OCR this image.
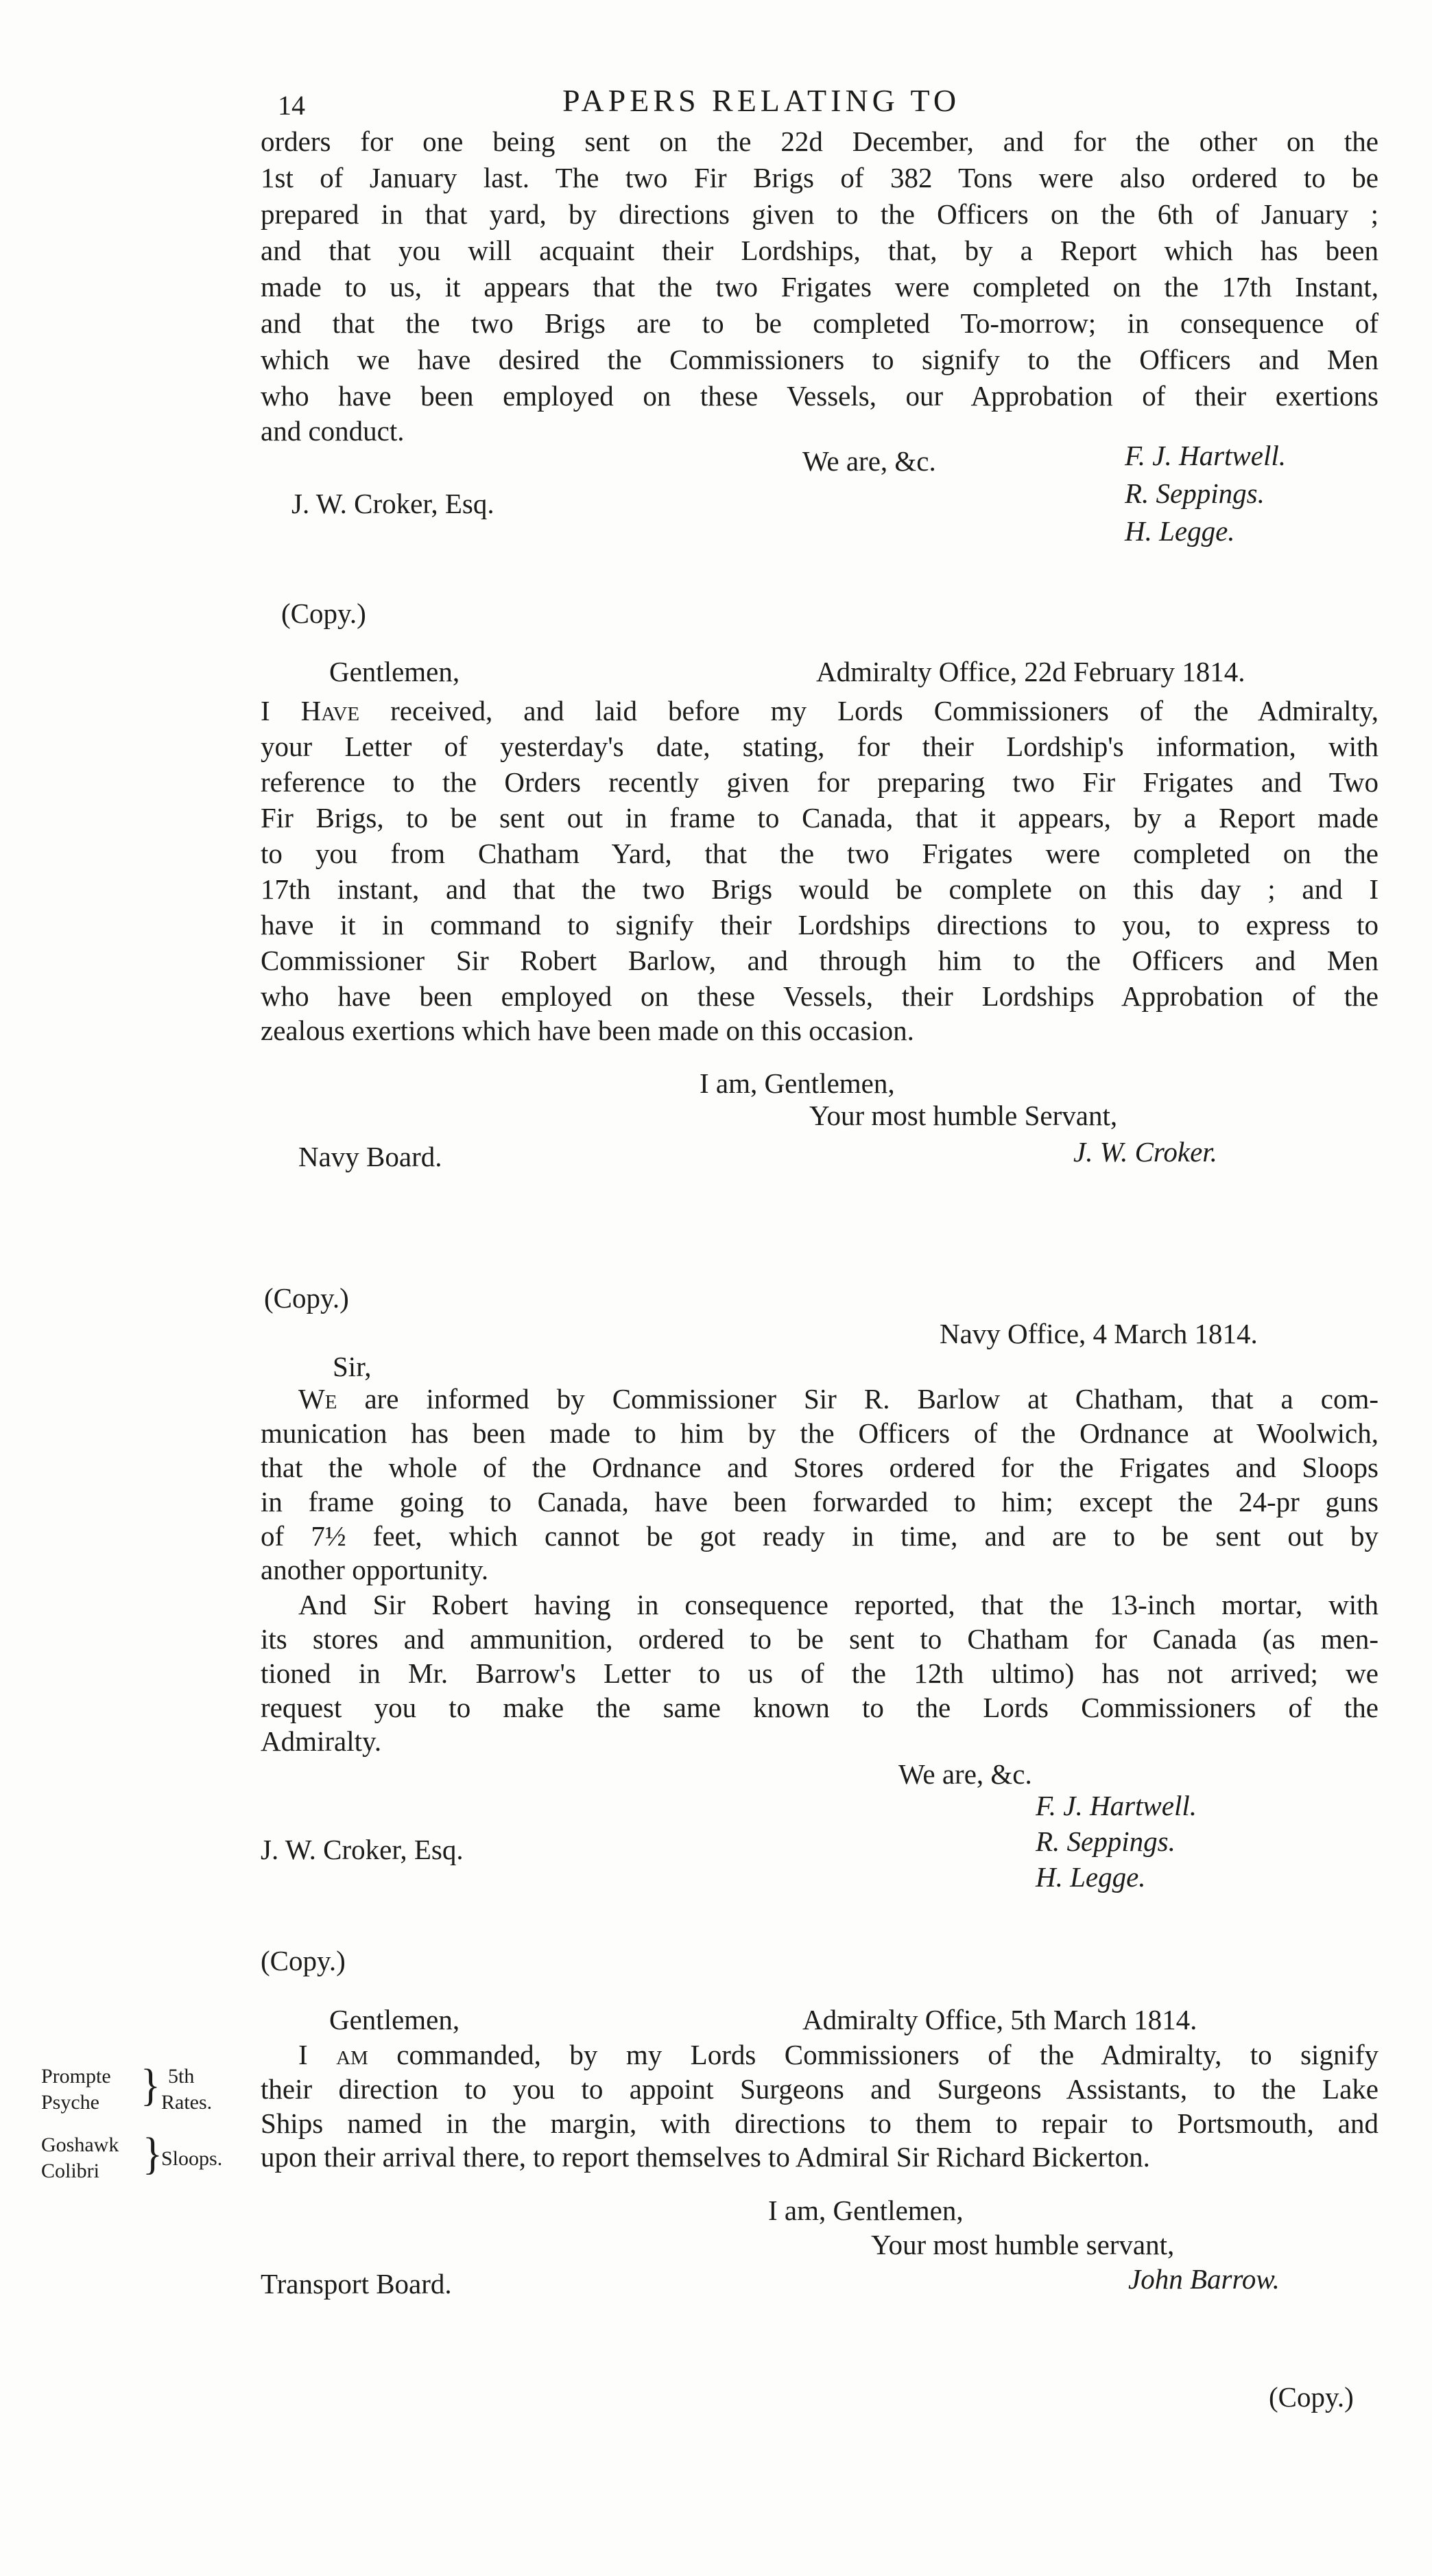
14	PAPERS RELATING TO
orders for one being sent on the 22d December, and for the other on the
1st of January last. The two Fir Brigs of 382 Tons were also ordered to be
prepared in that yard, by directions given to the Officers on the 6th of January ;
and that you will acquaint their Lordships, that, by a Report which has been
made to us, it appears that the two Frigates were completed on the 17th Instant,
and that the two Brigs are to be completed To-morrow; in consequence of
which we have desired the Commissioners to signify to the Officers and Men
who have been employed on these Vessels, our Approbation of their exertions
and conduct.
We are, &c.
J. W. Croker, Esq.
F. J. Hartwell.
R. Seppings.
H. Legge.
(Copy.)
Gentlemen,	Admiralty Office, 22d February 1814.
I Have received, and laid before my Lords Commissioners of the Admiralty,
your Letter of yesterday's date, stating, for their Lordship's information, with
reference to the Orders recently given for preparing two Fir Frigates and Two
Fir Brigs, to be sent out in frame to Canada, that it appears, by a Report made
to you from Chatham Yard, that the two Frigates were completed on the
17th instant, and that the two Brigs would be complete on this day ; and I
have it in command to signify their Lordships directions to you, to express to
Commissioner Sir Robert Barlow, and through him to the Officers and Men
who have been employed on these Vessels, their Lordships Approbation of the
zealous exertions which have been made on this occasion.
I am, Gentlemen,
Your most humble Servant,
Navy Board.	J. W. Croker.
(Copy.)
Navy Office, 4 March 1814.
Sir,
We are informed by Commissioner Sir R. Barlow at Chatham, that a com-
munication has been made to him by the Officers of the Ordnance at Woolwich,
that the whole of the Ordnance and Stores ordered for the Frigates and Sloops
in frame going to Canada, have been forwarded to him; except the 24-pr guns
of 7½ feet, which cannot be got ready in time, and are to be sent out by
another opportunity.
And Sir Robert having in consequence reported, that the 13-inch mortar, with
its stores and ammunition, ordered to be sent to Chatham for Canada (as men-
tioned in Mr. Barrow's Letter to us of the 12th ultimo) has not arrived; we
request you to make the same known to the Lords Commissioners of the
Admiralty.
We are, &c.
J. W. Croker, Esq.
F. J. Hartwell.
R. Seppings.
H. Legge.
(Copy.)
Gentlemen,	Admiralty Office, 5th March 1814.
I am commanded, by my Lords Commissioners of the Admiralty, to signify
their direction to you to appoint Surgeons and Surgeons Assistants, to the Lake
Ships named in the margin, with directions to them to repair to Portsmouth, and
upon their arrival there, to report themselves to Admiral Sir Richard Bickerton.
I am, Gentlemen,
Your most humble servant,
Transport Board.	John Barrow.
Prompte
Psyche } 5th
Rates.
Goshawk
Colibri }
Sloops.
(Copy.)
